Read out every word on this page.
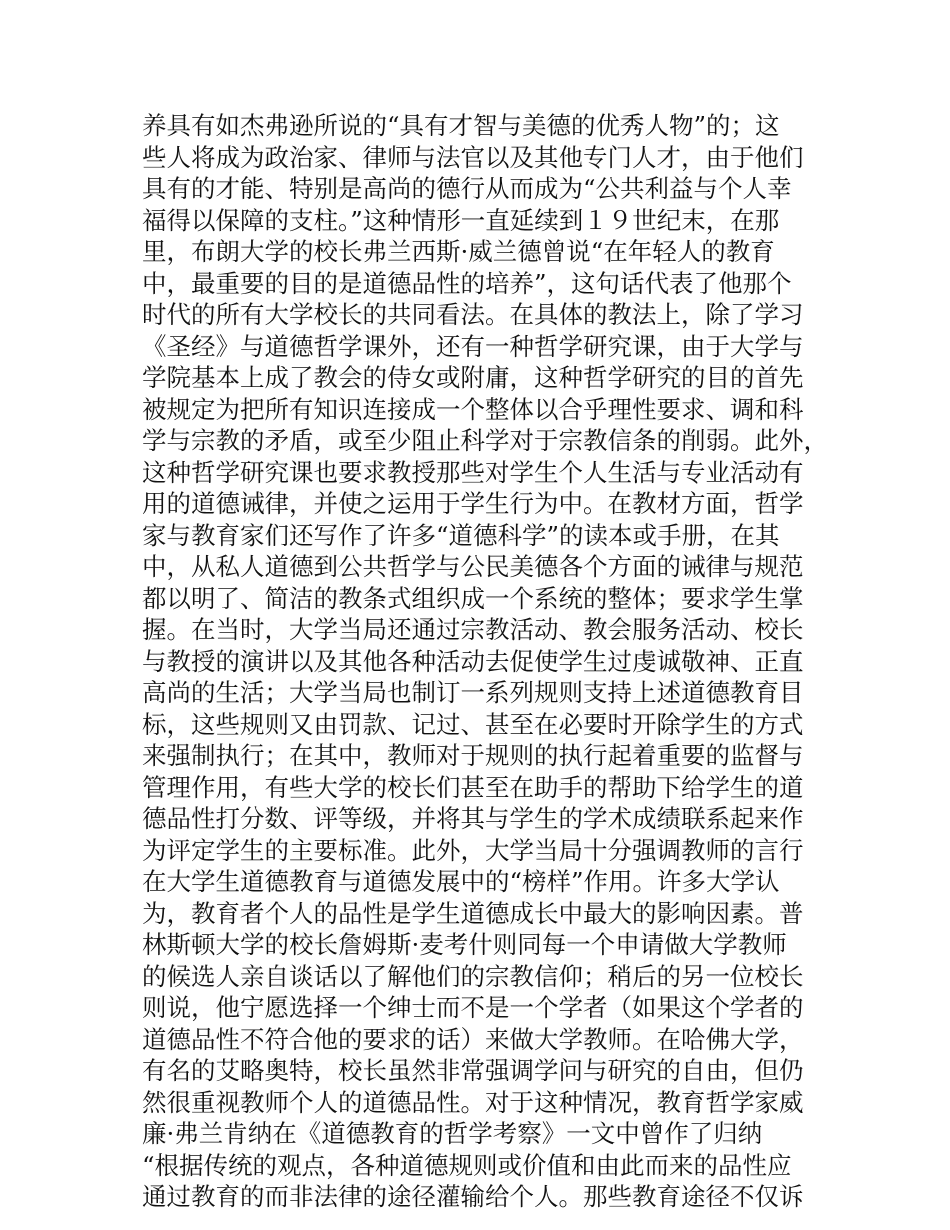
养具有如杰弗逊所说的“具有才智与美德的优秀人物”的；这
些人将成为政治家、律师与法官以及其他专门人才，由于他们
具有的才能、特别是高尚的德行从而成为“公共利益与个人幸
福得以保障的支柱。”这种情形一直延续到１９世纪末，在那
里，布朗大学的校长弗兰西斯·威兰德曾说“在年轻人的教育
中，最重要的目的是道德品性的培养”，这句话代表了他那个
时代的所有大学校长的共同看法。在具体的教法上，除了学习
《圣经》与道德哲学课外，还有一种哲学研究课，由于大学与
学院基本上成了教会的侍女或附庸，这种哲学研究的目的首先
被规定为把所有知识连接成一个整体以合乎理性要求、调和科
学与宗教的矛盾，或至少阻止科学对于宗教信条的削弱。此外，
这种哲学研究课也要求教授那些对学生个人生活与专业活动有
用的道德诫律，并使之运用于学生行为中。在教材方面，哲学
家与教育家们还写作了许多“道德科学”的读本或手册，在其
中，从私人道德到公共哲学与公民美德各个方面的诫律与规范
都以明了、简洁的教条式组织成一个系统的整体；要求学生掌
握。在当时，大学当局还通过宗教活动、教会服务活动、校长
与教授的演讲以及其他各种活动去促使学生过虔诚敬神、正直
高尚的生活；大学当局也制订一系列规则支持上述道德教育目
标，这些规则又由罚款、记过、甚至在必要时开除学生的方式
来强制执行；在其中，教师对于规则的执行起着重要的监督与
管理作用，有些大学的校长们甚至在助手的帮助下给学生的道
德品性打分数、评等级，并将其与学生的学术成绩联系起来作
为评定学生的主要标准。此外，大学当局十分强调教师的言行
在大学生道德教育与道德发展中的“榜样”作用。许多大学认
为，教育者个人的品性是学生道德成长中最大的影响因素。普
林斯顿大学的校长詹姆斯·麦考什则同每一个申请做大学教师
的候选人亲自谈话以了解他们的宗教信仰；稍后的另一位校长
则说，他宁愿选择一个绅士而不是一个学者（如果这个学者的
道德品性不符合他的要求的话）来做大学教师。在哈佛大学，
有名的艾略奥特，校长虽然非常强调学问与研究的自由，但仍
然很重视教师个人的道德品性。对于这种情况，教育哲学家威
廉·弗兰肯纳在《道德教育的哲学考察》一文中曾作了归纳
“根据传统的观点，各种道德规则或价值和由此而来的品性应
通过教育的而非法律的途径灌输给个人。那些教育途径不仅诉
